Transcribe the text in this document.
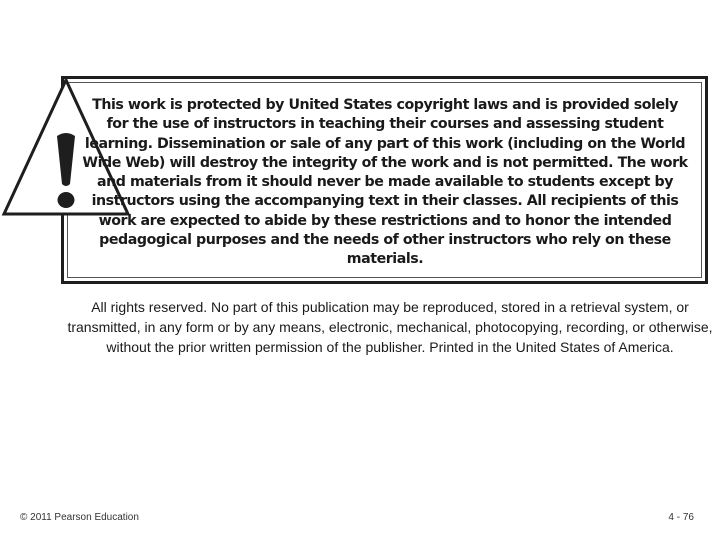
This work is protected by United States copyright laws and is provided solely for the use of instructors in teaching their courses and assessing student learning. Dissemination or sale of any part of this work (including on the World Wide Web) will destroy the integrity of the work and is not permitted. The work and materials from it should never be made available to students except by instructors using the accompanying text in their classes. All recipients of this work are expected to abide by these restrictions and to honor the intended pedagogical purposes and the needs of other instructors who rely on these materials.

All rights reserved. No part of this publication may be reproduced, stored in a retrieval system, or transmitted, in any form or by any means, electronic, mechanical, photocopying, recording, or otherwise, without the prior written permission of the publisher. Printed in the United States of America.

© 2011 Pearson Education	4 - 76
